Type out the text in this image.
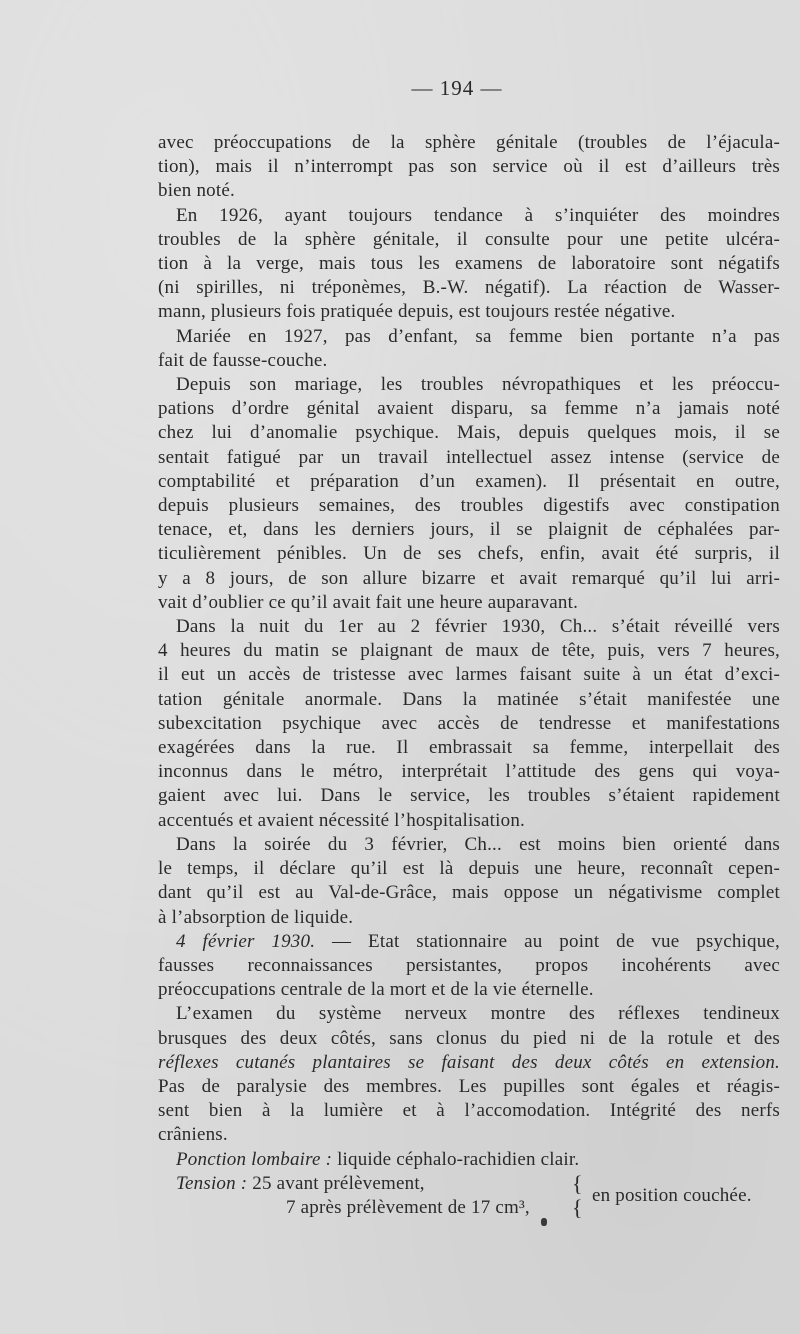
— 194 —
avec préoccupations de la sphère génitale (troubles de l’éjacula-
tion), mais il n’interrompt pas son service où il est d’ailleurs très
bien noté.
En 1926, ayant toujours tendance à s’inquiéter des moindres
troubles de la sphère génitale, il consulte pour une petite ulcéra-
tion à la verge, mais tous les examens de laboratoire sont négatifs
(ni spirilles, ni tréponèmes, B.-W. négatif). La réaction de Wasser-
mann, plusieurs fois pratiquée depuis, est toujours restée négative.
Mariée en 1927, pas d’enfant, sa femme bien portante n’a pas
fait de fausse-couche.
Depuis son mariage, les troubles névropathiques et les préoccu-
pations d’ordre génital avaient disparu, sa femme n’a jamais noté
chez lui d’anomalie psychique. Mais, depuis quelques mois, il se
sentait fatigué par un travail intellectuel assez intense (service de
comptabilité et préparation d’un examen). Il présentait en outre,
depuis plusieurs semaines, des troubles digestifs avec constipation
tenace, et, dans les derniers jours, il se plaignit de céphalées par-
ticulièrement pénibles. Un de ses chefs, enfin, avait été surpris, il
y a 8 jours, de son allure bizarre et avait remarqué qu’il lui arri-
vait d’oublier ce qu’il avait fait une heure auparavant.
Dans la nuit du 1er au 2 février 1930, Ch... s’était réveillé vers
4 heures du matin se plaignant de maux de tête, puis, vers 7 heures,
il eut un accès de tristesse avec larmes faisant suite à un état d’exci-
tation génitale anormale. Dans la matinée s’était manifestée une
subexcitation psychique avec accès de tendresse et manifestations
exagérées dans la rue. Il embrassait sa femme, interpellait des
inconnus dans le métro, interprétait l’attitude des gens qui voya-
gaient avec lui. Dans le service, les troubles s’étaient rapidement
accentués et avaient nécessité l’hospitalisation.
Dans la soirée du 3 février, Ch... est moins bien orienté dans
le temps, il déclare qu’il est là depuis une heure, reconnaît cepen-
dant qu’il est au Val-de-Grâce, mais oppose un négativisme complet
à l’absorption de liquide.
4 février 1930. — Etat stationnaire au point de vue psychique,
fausses reconnaissances persistantes, propos incohérents avec
préoccupations centrale de la mort et de la vie éternelle.
L’examen du système nerveux montre des réflexes tendineux
brusques des deux côtés, sans clonus du pied ni de la rotule et des
réflexes cutanés plantaires se faisant des deux côtés en extension.
Pas de paralysie des membres. Les pupilles sont égales et réagis-
sent bien à la lumière et à l’accomodation. Intégrité des nerfs
crâniens.
Ponction lombaire : liquide céphalo-rachidien clair.
Tension : 25 avant prélèvement,
7 après prélèvement de 17 cm³,
{
{ en position couchée.
